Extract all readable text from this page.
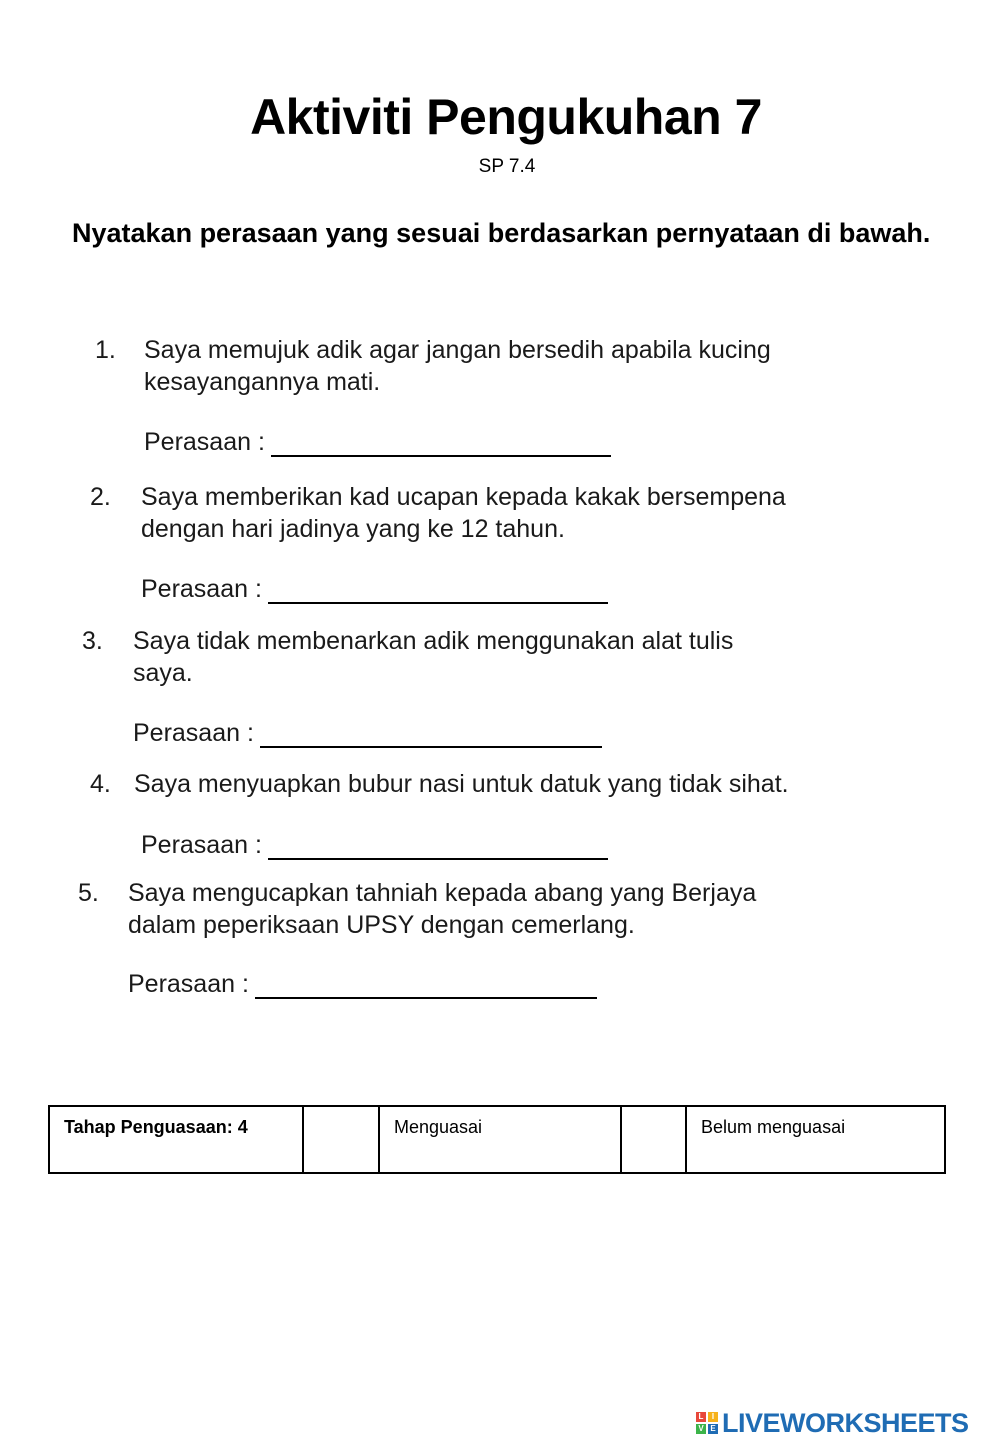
Aktiviti Pengukuhan 7
SP 7.4
Nyatakan perasaan yang sesuai berdasarkan pernyataan di bawah.
1. Saya memujuk adik agar jangan bersedih apabila kucing
kesayangannya mati.
Perasaan :
2. Saya memberikan kad ucapan kepada kakak bersempena
dengan hari jadinya yang ke 12 tahun.
Perasaan :
3. Saya tidak membenarkan adik menggunakan alat tulis
saya.
Perasaan :
4. Saya menyuapkan bubur nasi untuk datuk yang tidak sihat.
Perasaan :
5. Saya mengucapkan tahniah kepada abang yang Berjaya
dalam peperiksaan UPSY dengan cemerlang.
Perasaan :
Tahap Penguasaan: 4		Menguasai		Belum menguasai
L	I
V E LIVEWORKSHEETS
